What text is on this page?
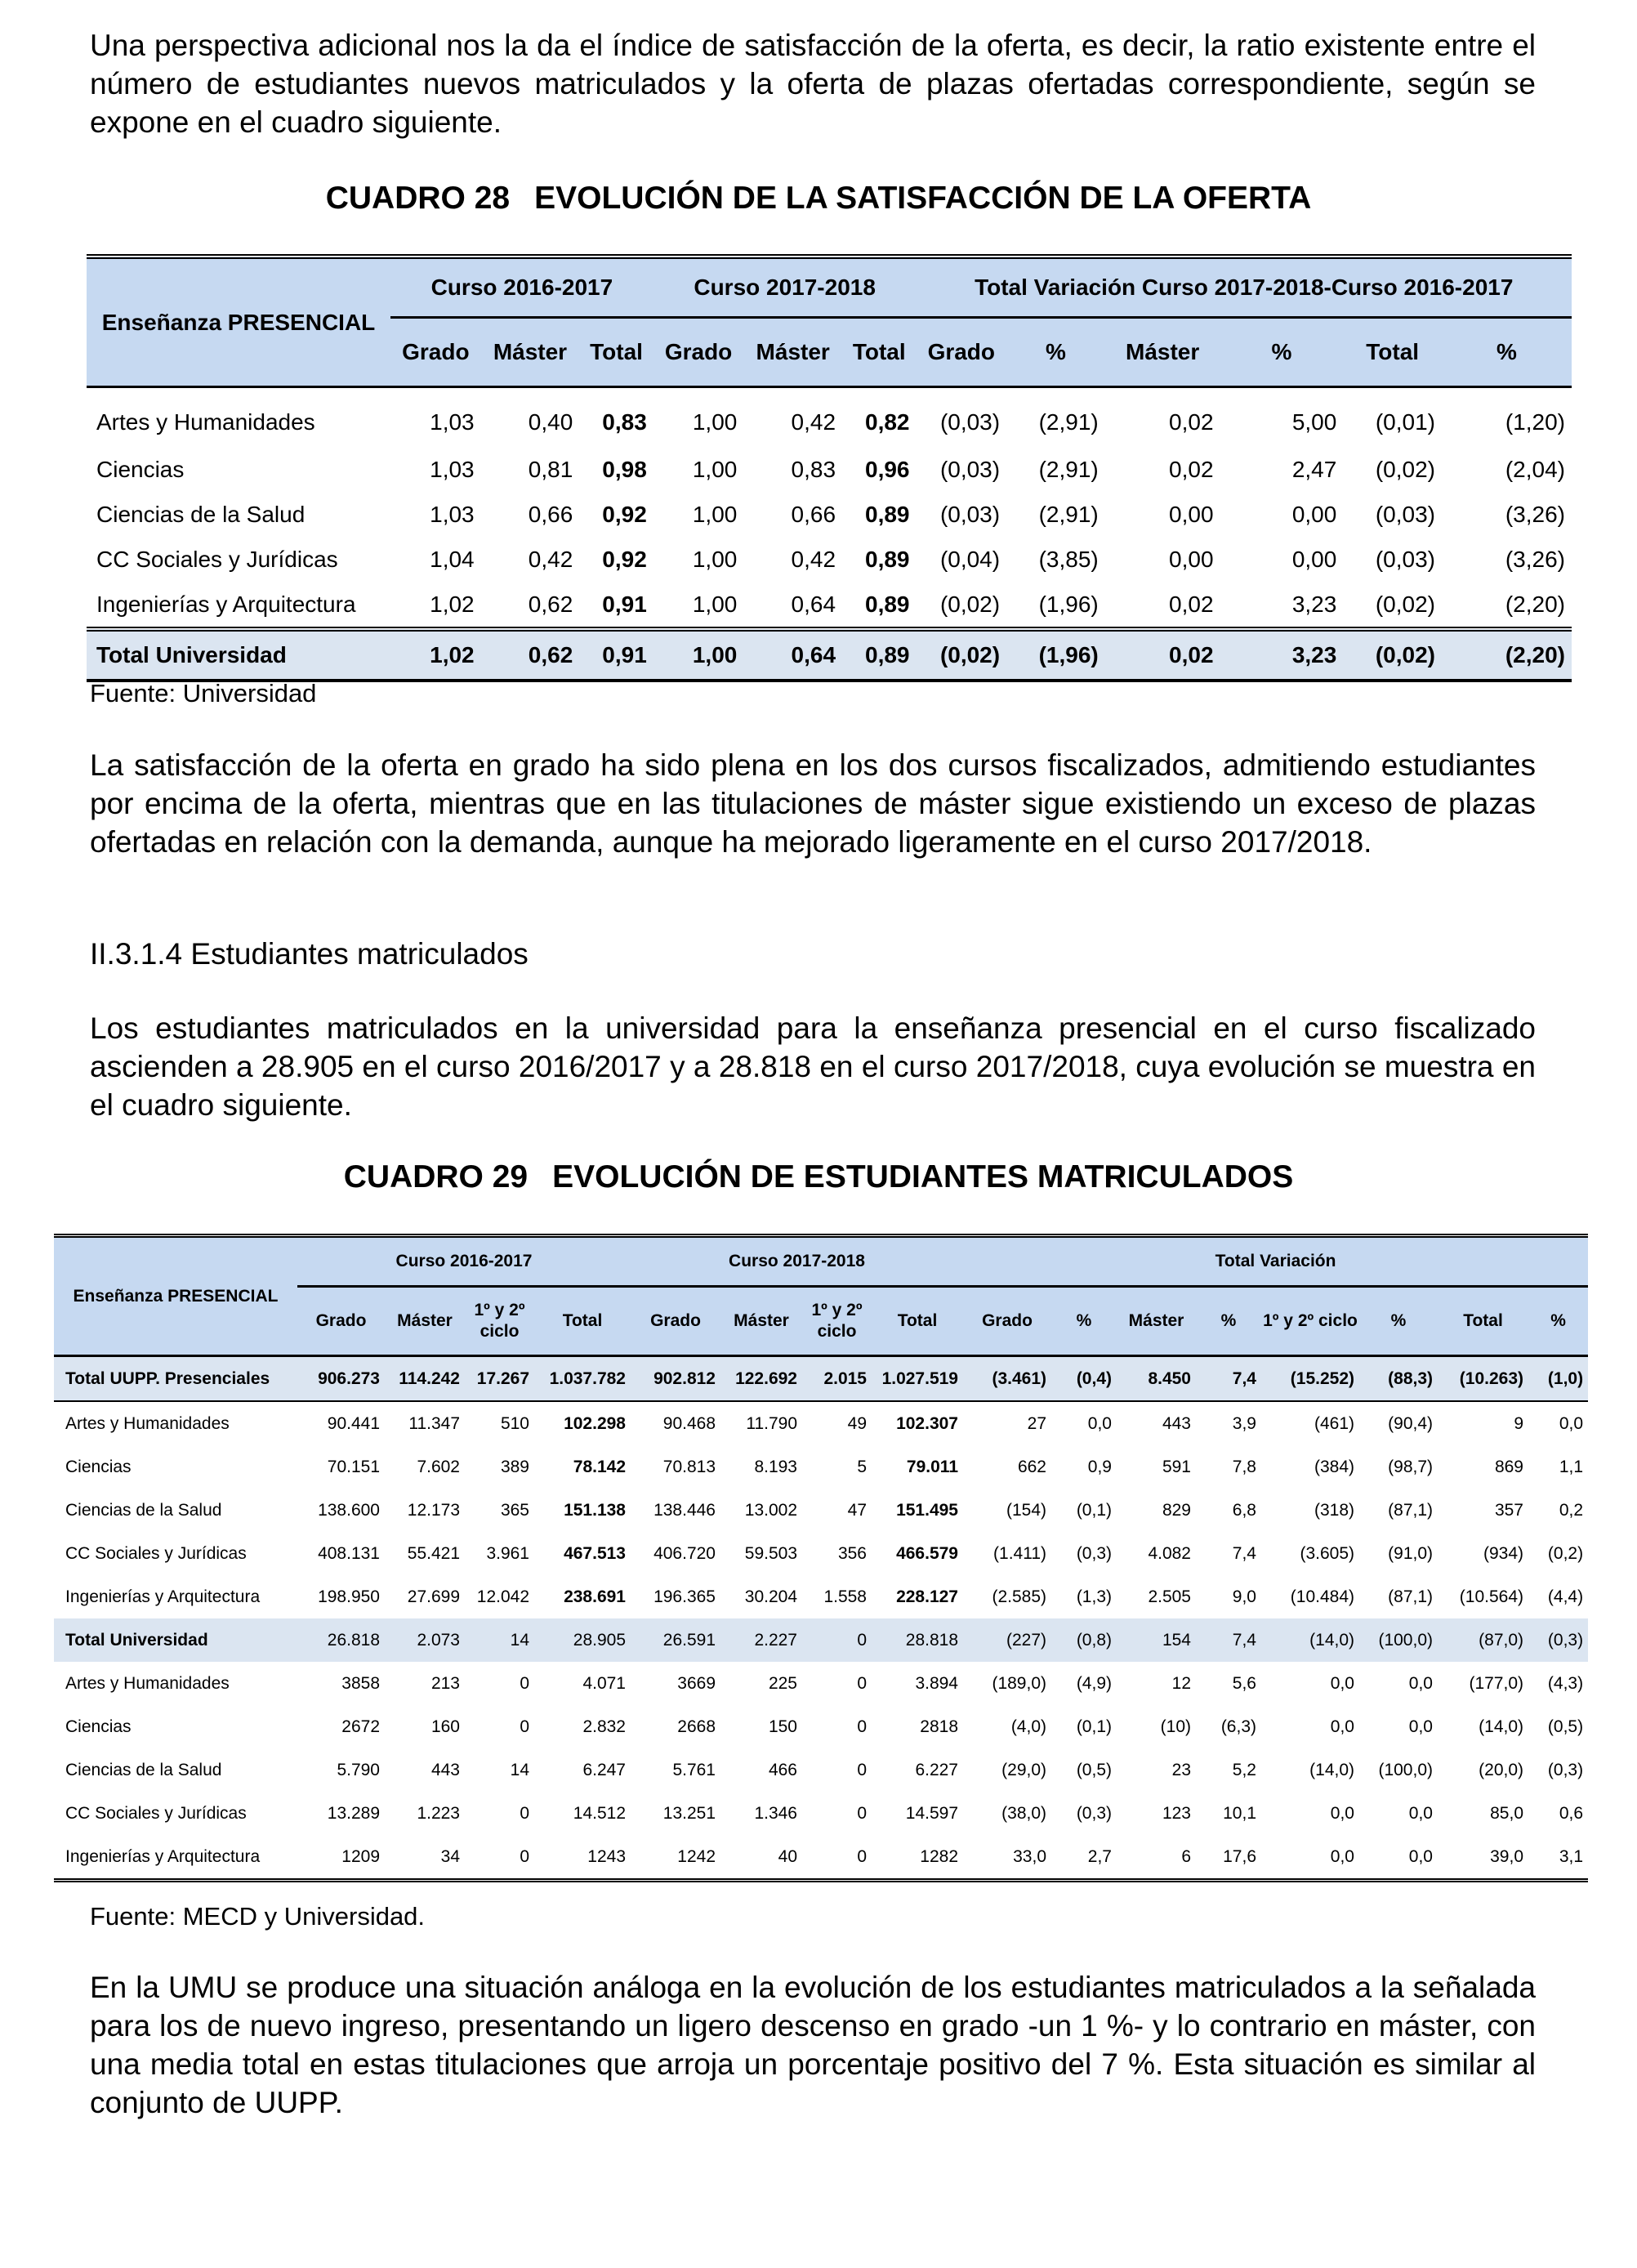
Una perspectiva adicional nos la da el índice de satisfacción de la oferta, es decir, la ratio existente entre el número de estudiantes nuevos matriculados y la oferta de plazas ofertadas correspondiente, según se expone en el cuadro siguiente.

CUADRO 28 EVOLUCIÓN DE LA SATISFACCIÓN DE LA OFERTA

Enseñanza PRESENCIAL	Curso 2016-2017			Curso 2017-2018			Total Variación Curso 2017-2018-Curso 2016-2017					
	Grado	Máster	Total	Grado	Máster	Total	Grado	%	Máster	%	Total	%
Artes y Humanidades	1,03	0,40	0,83	1,00	0,42	0,82	(0,03)	(2,91)	0,02	5,00	(0,01)	(1,20)
Ciencias	1,03	0,81	0,98	1,00	0,83	0,96	(0,03)	(2,91)	0,02	2,47	(0,02)	(2,04)
Ciencias de la Salud	1,03	0,66	0,92	1,00	0,66	0,89	(0,03)	(2,91)	0,00	0,00	(0,03)	(3,26)
CC Sociales y Jurídicas	1,04	0,42	0,92	1,00	0,42	0,89	(0,04)	(3,85)	0,00	0,00	(0,03)	(3,26)
Ingenierías y Arquitectura	1,02	0,62	0,91	1,00	0,64	0,89	(0,02)	(1,96)	0,02	3,23	(0,02)	(2,20)
Total Universidad	1,02	0,62	0,91	1,00	0,64	0,89	(0,02)	(1,96)	0,02	3,23	(0,02)	(2,20)

Fuente: Universidad

La satisfacción de la oferta en grado ha sido plena en los dos cursos fiscalizados, admitiendo estudiantes por encima de la oferta, mientras que en las titulaciones de máster sigue existiendo un exceso de plazas ofertadas en relación con la demanda, aunque ha mejorado ligeramente en el curso 2017/2018.

II.3.1.4 Estudiantes matriculados

Los estudiantes matriculados en la universidad para la enseñanza presencial en el curso fiscalizado ascienden a 28.905 en el curso 2016/2017 y a 28.818 en el curso 2017/2018, cuya evolución se muestra en el cuadro siguiente.

CUADRO 29 EVOLUCIÓN DE ESTUDIANTES MATRICULADOS

Enseñanza PRESENCIAL	Curso 2016-2017				Curso 2017-2018				Total Variación							
	Grado	Máster	1º y 2º ciclo	Total	Grado	Máster	1º y 2º ciclo	Total	Grado	%	Máster	%	1º y 2º ciclo	%	Total	%
Total UUPP. Presenciales	906.273	114.242	17.267	1.037.782	902.812	122.692	2.015	1.027.519	(3.461)	(0,4)	8.450	7,4	(15.252)	(88,3)	(10.263)	(1,0)
Artes y Humanidades	90.441	11.347	510	102.298	90.468	11.790	49	102.307	27	0,0	443	3,9	(461)	(90,4)	9	0,0
Ciencias	70.151	7.602	389	78.142	70.813	8.193	5	79.011	662	0,9	591	7,8	(384)	(98,7)	869	1,1
Ciencias de la Salud	138.600	12.173	365	151.138	138.446	13.002	47	151.495	(154)	(0,1)	829	6,8	(318)	(87,1)	357	0,2
CC Sociales y Jurídicas	408.131	55.421	3.961	467.513	406.720	59.503	356	466.579	(1.411)	(0,3)	4.082	7,4	(3.605)	(91,0)	(934)	(0,2)
Ingenierías y Arquitectura	198.950	27.699	12.042	238.691	196.365	30.204	1.558	228.127	(2.585)	(1,3)	2.505	9,0	(10.484)	(87,1)	(10.564)	(4,4)
Total Universidad	26.818	2.073	14	28.905	26.591	2.227	0	28.818	(227)	(0,8)	154	7,4	(14,0)	(100,0)	(87,0)	(0,3)
Artes y Humanidades	3858	213	0	4.071	3669	225	0	3.894	(189,0)	(4,9)	12	5,6	0,0	0,0	(177,0)	(4,3)
Ciencias	2672	160	0	2.832	2668	150	0	2818	(4,0)	(0,1)	(10)	(6,3)	0,0	0,0	(14,0)	(0,5)
Ciencias de la Salud	5.790	443	14	6.247	5.761	466	0	6.227	(29,0)	(0,5)	23	5,2	(14,0)	(100,0)	(20,0)	(0,3)
CC Sociales y Jurídicas	13.289	1.223	0	14.512	13.251	1.346	0	14.597	(38,0)	(0,3)	123	10,1	0,0	0,0	85,0	0,6
Ingenierías y Arquitectura	1209	34	0	1243	1242	40	0	1282	33,0	2,7	6	17,6	0,0	0,0	39,0	3,1

Fuente: MECD y Universidad.

En la UMU se produce una situación análoga en la evolución de los estudiantes matriculados a la señalada para los de nuevo ingreso, presentando un ligero descenso en grado -un 1 %- y lo contrario en máster, con una media total en estas titulaciones que arroja un porcentaje positivo del 7 %. Esta situación es similar al conjunto de UUPP.
